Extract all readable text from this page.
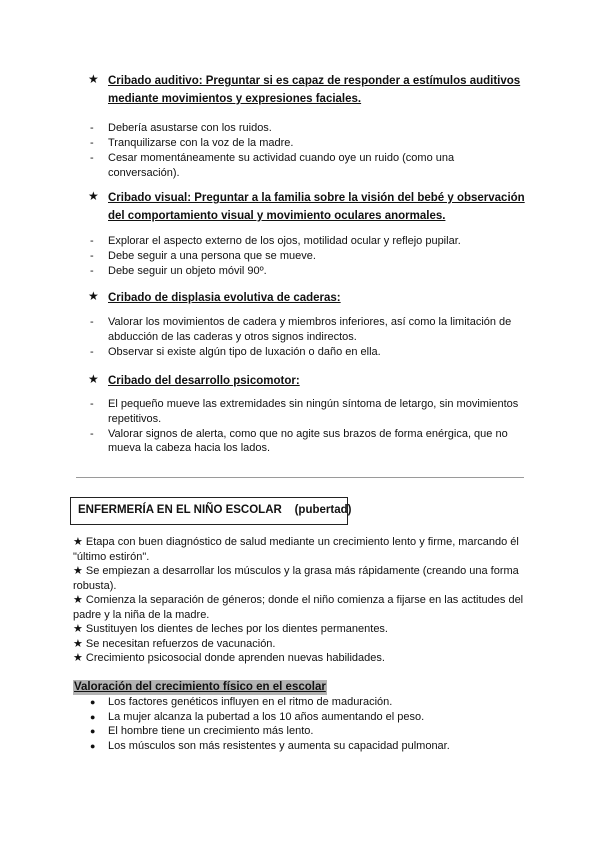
★ Cribado auditivo: Preguntar si es capaz de responder a estímulos auditivos mediante movimientos y expresiones faciales.
- Debería asustarse con los ruidos.
- Tranquilizarse con la voz de la madre.
- Cesar momentáneamente su actividad cuando oye un ruido (como una conversación).
★ Cribado visual: Preguntar a la familia sobre la visión del bebé y observación del comportamiento visual y movimiento oculares anormales.
- Explorar el aspecto externo de los ojos, motilidad ocular y reflejo pupilar.
- Debe seguir a una persona que se mueve.
- Debe seguir un objeto móvil 90º.
★ Cribado de displasia evolutiva de caderas:
- Valorar los movimientos de cadera y miembros inferiores, así como la limitación de abducción de las caderas y otros signos indirectos.
- Observar si existe algún tipo de luxación o daño en ella.
★ Cribado del desarrollo psicomotor:
- El pequeño mueve las extremidades sin ningún síntoma de letargo, sin movimientos repetitivos.
- Valorar signos de alerta, como que no agite sus brazos de forma enérgica, que no mueva la cabeza hacia los lados.
ENFERMERÍA EN EL NIÑO ESCOLAR    (pubertad)
★ Etapa con buen diagnóstico de salud mediante un crecimiento lento y firme, marcando él
"último estirón".
★ Se empiezan a desarrollar los músculos y la grasa más rápidamente (creando una forma
robusta).
★ Comienza la separación de géneros; donde el niño comienza a fijarse en las actitudes del
padre y la niña de la madre.
★ Sustituyen los dientes de leches por los dientes permanentes.
★ Se necesitan refuerzos de vacunación.
★ Crecimiento psicosocial donde aprenden nuevas habilidades.
Valoración del crecimiento físico en el escolar
● Los factores genéticos influyen en el ritmo de maduración.
● La mujer alcanza la pubertad a los 10 años aumentando el peso.
● El hombre tiene un crecimiento más lento.
● Los músculos son más resistentes y aumenta su capacidad pulmonar.
